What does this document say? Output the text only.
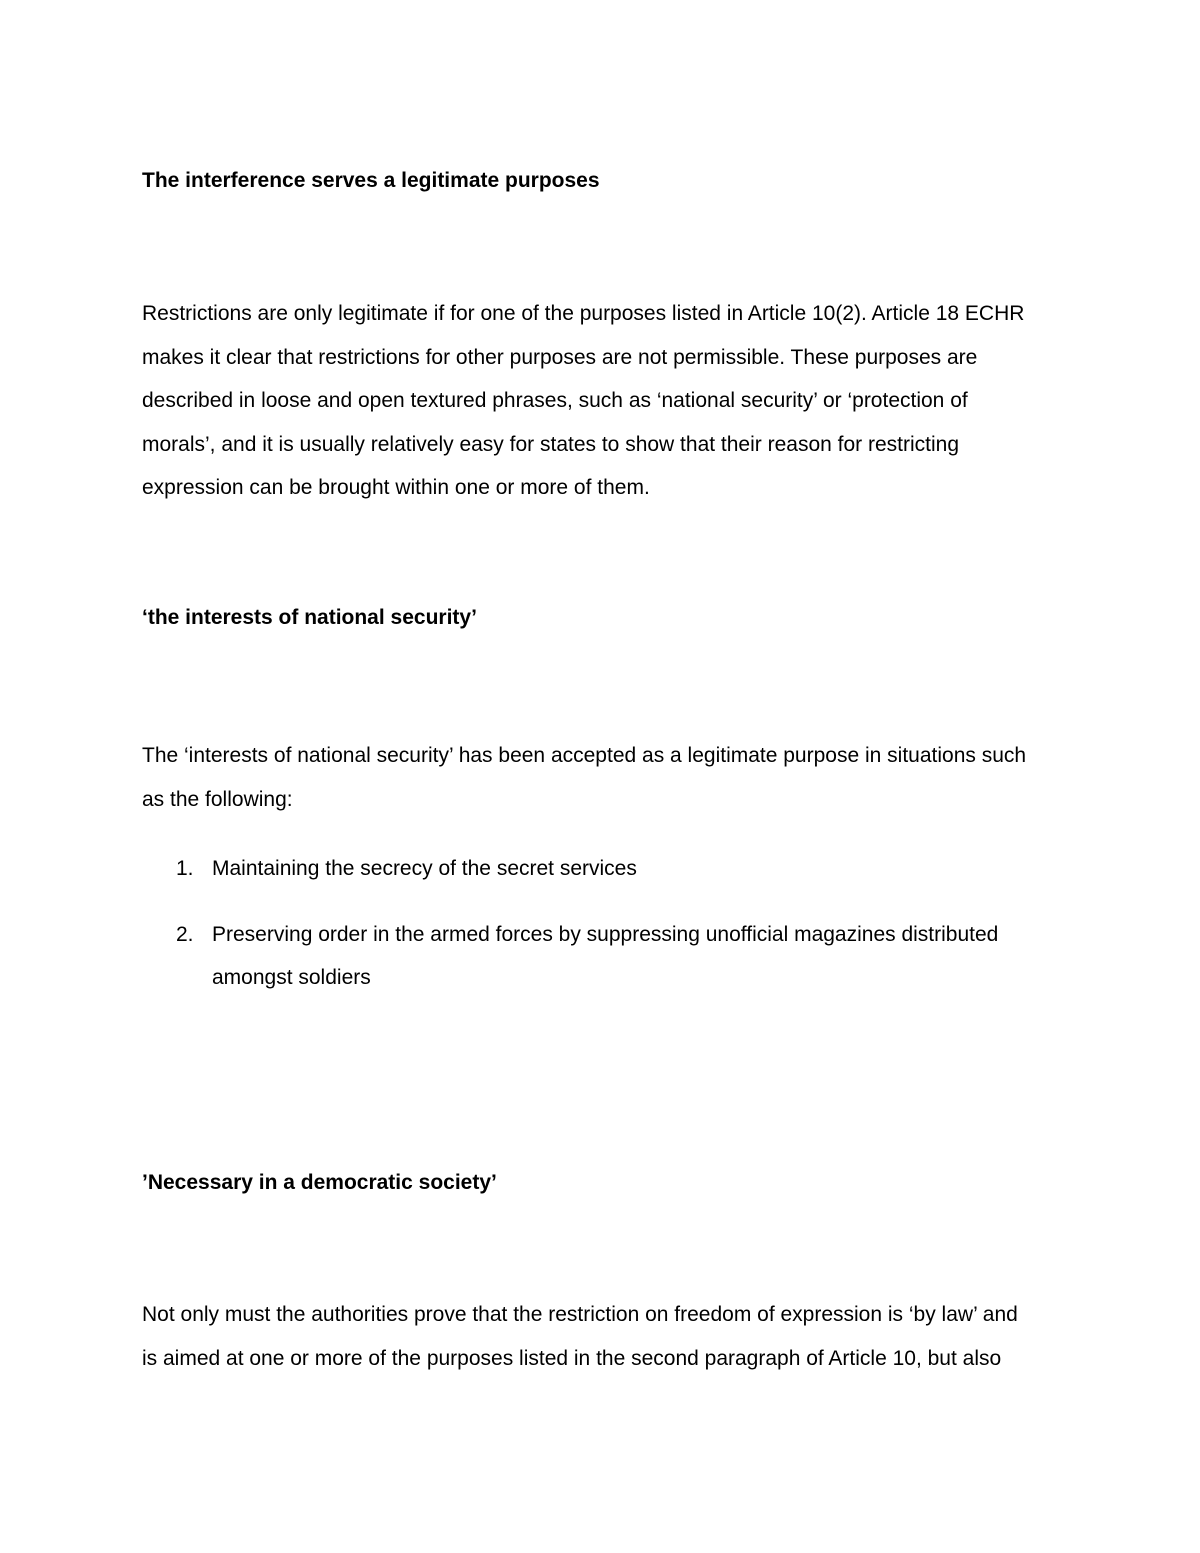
The interference serves a legitimate purposes
Restrictions are only legitimate if for one of the purposes listed in Article 10(2). Article 18 ECHR
makes it clear that restrictions for other purposes are not permissible. These purposes are
described in loose and open textured phrases, such as ‘national security’ or ‘protection of
morals’, and it is usually relatively easy for states to show that their reason for restricting
expression can be brought within one or more of them.
‘the interests of national security’
The ‘interests of national security’ has been accepted as a legitimate purpose in situations such
as the following:
1. Maintaining the secrecy of the secret services
2. Preserving order in the armed forces by suppressing unofficial magazines distributed
amongst soldiers
’Necessary in a democratic society’
Not only must the authorities prove that the restriction on freedom of expression is ‘by law’ and
is aimed at one or more of the purposes listed in the second paragraph of Article 10, but also
